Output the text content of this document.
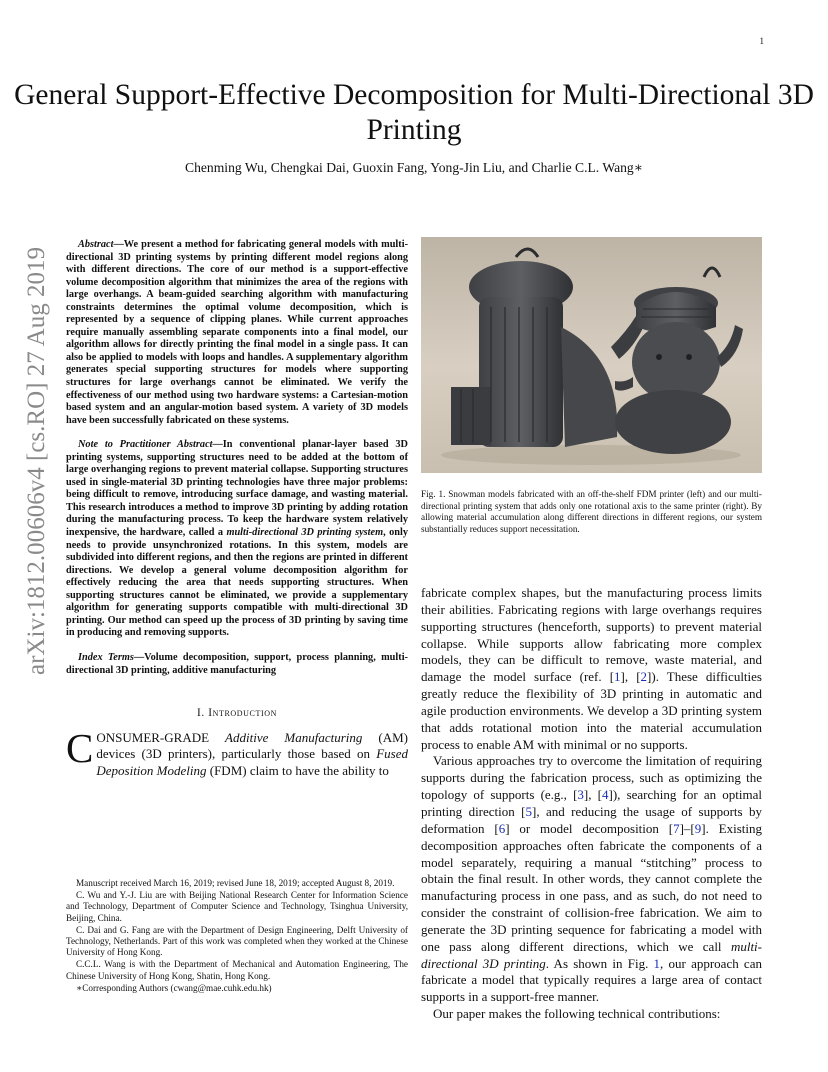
1
General Support-Effective Decomposition for Multi-Directional 3D Printing
Chenming Wu, Chengkai Dai, Guoxin Fang, Yong-Jin Liu, and Charlie C.L. Wang∗
arXiv:1812.00606v4 [cs.RO] 27 Aug 2019

Abstract—We present a method for fabricating general models with multi-directional 3D printing systems by printing different model regions along with different directions. The core of our method is a support-effective volume decomposition algorithm that minimizes the area of the regions with large overhangs. A beam-guided searching algorithm with manufacturing constraints determines the optimal volume decomposition, which is represented by a sequence of clipping planes. While current approaches require manually assembling separate components into a final model, our algorithm allows for directly printing the final model in a single pass. It can also be applied to models with loops and handles. A supplementary algorithm generates special supporting structures for models where supporting structures for large overhangs cannot be eliminated. We verify the effectiveness of our method using two hardware systems: a Cartesian-motion based system and an angular-motion based system. A variety of 3D models have been successfully fabricated on these systems.

Note to Practitioner Abstract—In conventional planar-layer based 3D printing systems, supporting structures need to be added at the bottom of large overhanging regions to prevent material collapse. Supporting structures used in single-material 3D printing technologies have three major problems: being difficult to remove, introducing surface damage, and wasting material. This research introduces a method to improve 3D printing by adding rotation during the manufacturing process. To keep the hardware system relatively inexpensive, the hardware, called a multi-directional 3D printing system, only needs to provide unsynchronized rotations. In this system, models are subdivided into different regions, and then the regions are printed in different directions. We develop a general volume decomposition algorithm for effectively reducing the area that needs supporting structures. When supporting structures cannot be eliminated, we provide a supplementary algorithm for generating supports compatible with multi-directional 3D printing. Our method can speed up the process of 3D printing by saving time in producing and removing supports.

Index Terms—Volume decomposition, support, process planning, multi-directional 3D printing, additive manufacturing

I. Introduction

CONSUMER-GRADE Additive Manufacturing (AM) devices (3D printers), particularly those based on Fused Deposition Modeling (FDM) claim to have the ability to

Manuscript received March 16, 2019; revised June 18, 2019; accepted August 8, 2019.

C. Wu and Y.-J. Liu are with Beijing National Research Center for Information Science and Technology, Department of Computer Science and Technology, Tsinghua University, Beijing, China.

C. Dai and G. Fang are with the Department of Design Engineering, Delft University of Technology, Netherlands. Part of this work was completed when they worked at the Chinese University of Hong Kong.

C.C.L. Wang is with the Department of Mechanical and Automation Engineering, The Chinese University of Hong Kong, Shatin, Hong Kong.

∗Corresponding Authors (cwang@mae.cuhk.edu.hk)

Fig. 1. Snowman models fabricated with an off-the-shelf FDM printer (left) and our multi-directional printing system that adds only one rotational axis to the same printer (right). By allowing material accumulation along different directions in different regions, our system substantially reduces support necessitation.

fabricate complex shapes, but the manufacturing process limits their abilities. Fabricating regions with large overhangs requires supporting structures (henceforth, supports) to prevent material collapse. While supports allow fabricating more complex models, they can be difficult to remove, waste material, and damage the model surface (ref. [1], [2]). These difficulties greatly reduce the flexibility of 3D printing in automatic and agile production environments. We develop a 3D printing system that adds rotational motion into the material accumulation process to enable AM with minimal or no supports.

Various approaches try to overcome the limitation of requiring supports during the fabrication process, such as optimizing the topology of supports (e.g., [3], [4]), searching for an optimal printing direction [5], and reducing the usage of supports by deformation [6] or model decomposition [7]–[9]. Existing decomposition approaches often fabricate the components of a model separately, requiring a manual “stitching” process to obtain the final result. In other words, they cannot complete the manufacturing process in one pass, and as such, do not need to consider the constraint of collision-free fabrication. We aim to generate the 3D printing sequence for fabricating a model with one pass along different directions, which we call multi-directional 3D printing. As shown in Fig. 1, our approach can fabricate a model that typically requires a large area of contact supports in a support-free manner.

Our paper makes the following technical contributions:
